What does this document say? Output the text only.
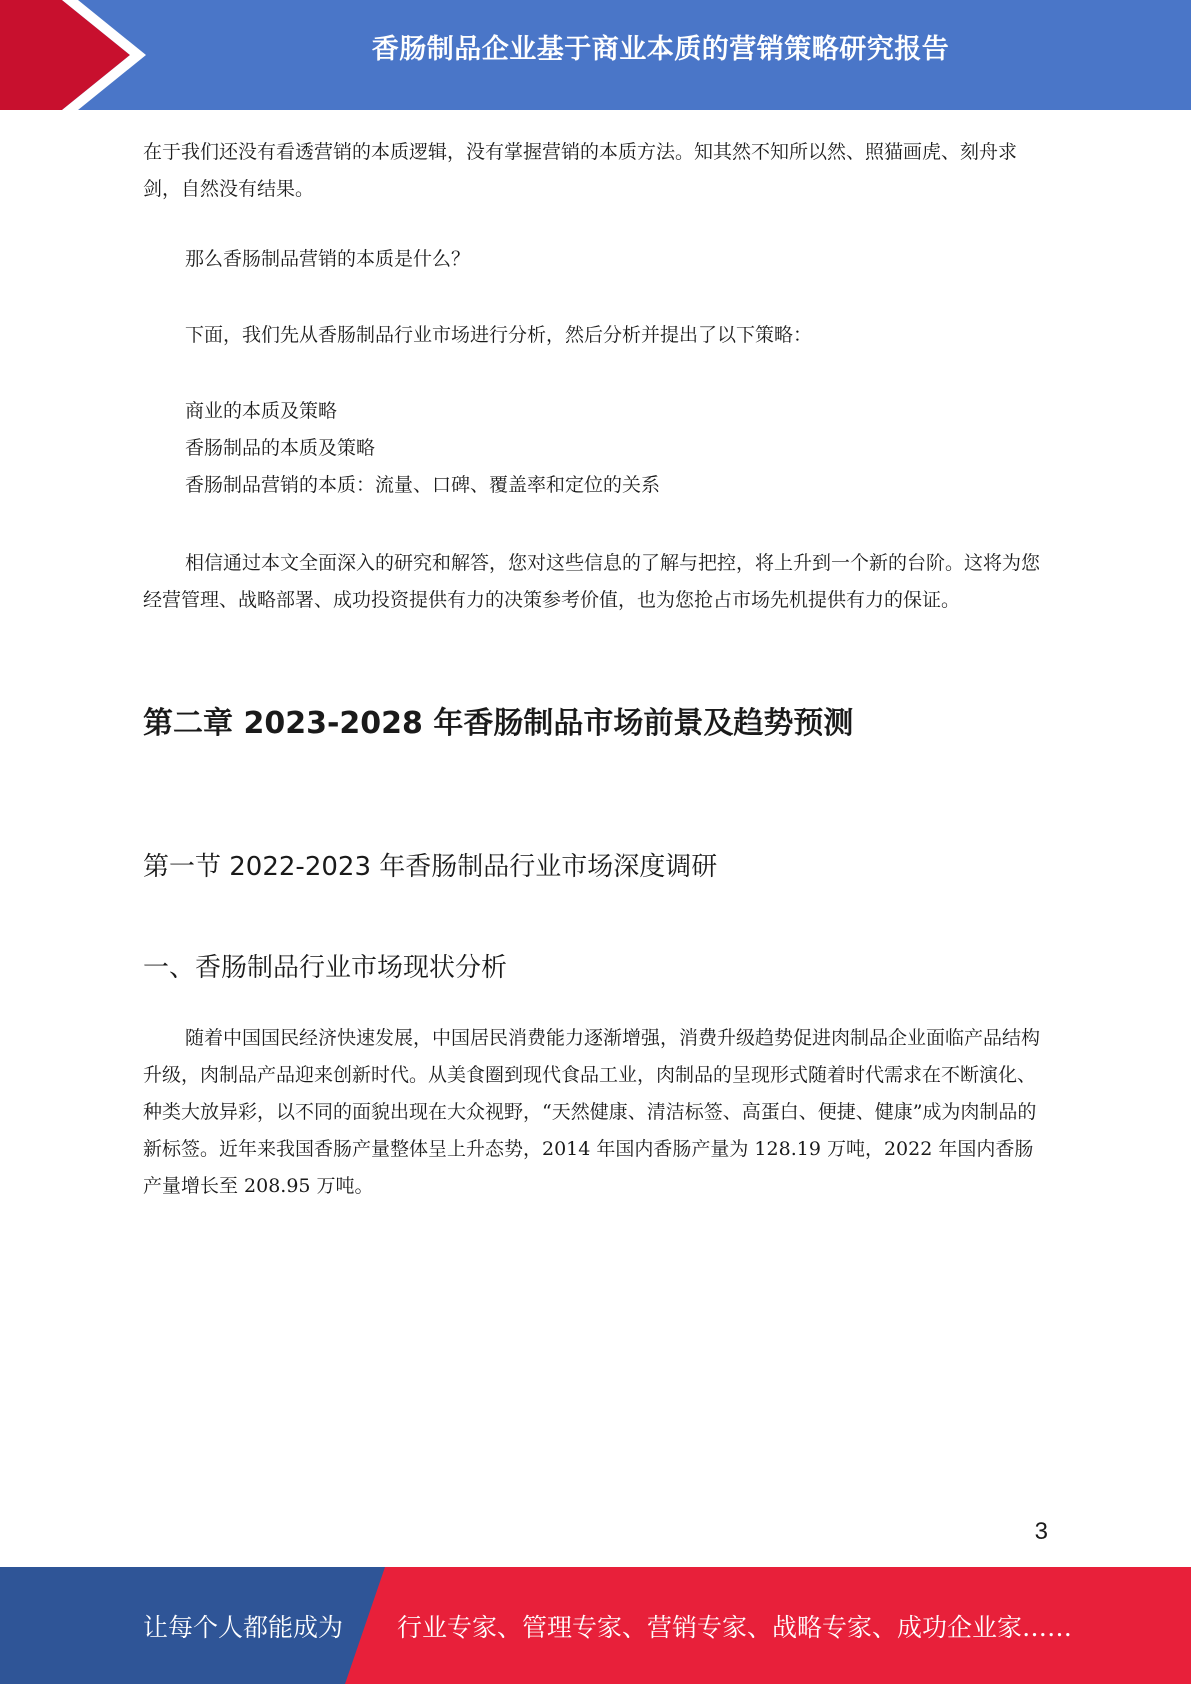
香肠制品企业基于商业本质的营销策略研究报告

在于我们还没有看透营销的本质逻辑，没有掌握营销的本质方法。知其然不知所以然、照猫画虎、刻舟求剑，自然没有结果。

那么香肠制品营销的本质是什么？

下面，我们先从香肠制品行业市场进行分析，然后分析并提出了以下策略：

商业的本质及策略
香肠制品的本质及策略
香肠制品营销的本质：流量、口碑、覆盖率和定位的关系

相信通过本文全面深入的研究和解答，您对这些信息的了解与把控，将上升到一个新的台阶。这将为您经营管理、战略部署、成功投资提供有力的决策参考价值，也为您抢占市场先机提供有力的保证。

第二章 2023-2028 年香肠制品市场前景及趋势预测
第一节 2022-2023 年香肠制品行业市场深度调研
一、香肠制品行业市场现状分析

随着中国国民经济快速发展，中国居民消费能力逐渐增强，消费升级趋势促进肉制品企业面临产品结构升级，肉制品产品迎来创新时代。从美食圈到现代食品工业，肉制品的呈现形式随着时代需求在不断演化、种类大放异彩，以不同的面貌出现在大众视野，“天然健康、清洁标签、高蛋白、便捷、健康”成为肉制品的新标签。近年来我国香肠产量整体呈上升态势，2014 年国内香肠产量为 128.19 万吨，2022 年国内香肠产量增长至 208.95 万吨。

3
让每个人都能成为 行业专家、管理专家、营销专家、战略专家、成功企业家……
